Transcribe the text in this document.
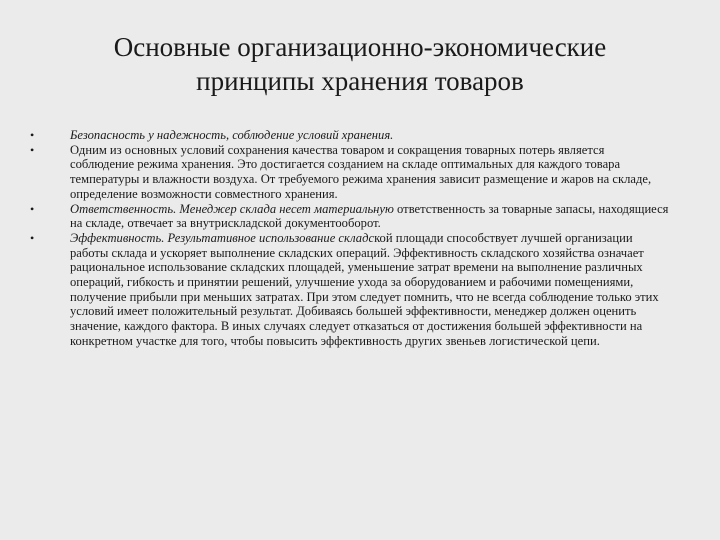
Основные организационно-экономические
принципы хранения товаров
•	Безопасность у надежность, соблюдение условий хранения.
•	Одним из основных условий сохранения качества товаром и сокращения товарных потерь является соблюдение режима хранения. Это достигается созданием на складе оптимальных для каждого товара температуры и влажности воздуха. От требуемого режима хранения зависит размещение и жаров на складе, определение возможности совместного хранения.
•	Ответственность. Менеджер склада несет материальную ответственность за товарные запасы, находящиеся на складе, отвечает за внутрискладской документооборот.
•	Эффективность. Результативное использование складской площади способствует лучшей организации работы склада и ускоряет выполнение складских операций. Эффективность складского хозяйства означает рациональное использование складских площадей, уменьшение затрат времени на выполнение различных операций, гибкость и принятии решений, улучшение ухода за оборудованием и рабочими помещениями, получение прибыли при меньших затратах. При этом следует помнить, что не всегда соблюдение только этих условий имеет положительный результат. Добиваясь большей эффективности, менеджер должен оценить значение, каждого фактора. В иных случаях следует отказаться от достижения большей эффективности на конкретном участке для того, чтобы повысить эффективность других звеньев логистической цепи.
